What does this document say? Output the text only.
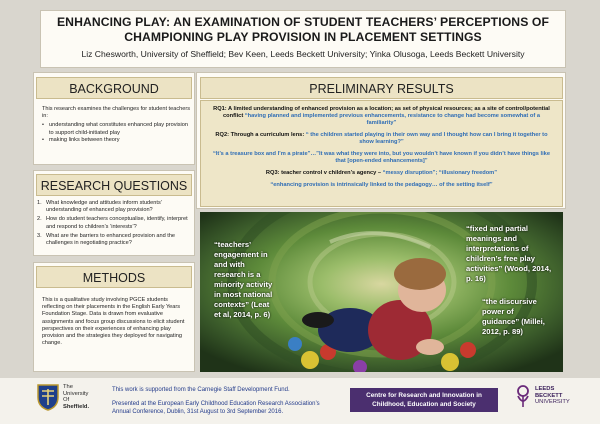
ENHANCING PLAY: AN EXAMINATION OF STUDENT TEACHERS’ PERCEPTIONS OF
CHAMPIONING PLAY PROVISION IN PLACEMENT SETTINGS
Liz Chesworth, University of Sheffield; Bev Keen, Leeds Beckett University; Yinka Olusoga, Leeds Beckett University
BACKGROUND
This research examines the challenges for student teachers in:
• understanding what constitutes enhanced play provision to support child-initiated play
• making links between theory
RESEARCH QUESTIONS
1. What knowledge and attitudes inform students’ understanding of enhanced play provision?
2. How do student teachers conceptualise, identify, interpret and respond to children’s ‘interests’?
3. What are the barriers to enhanced provision and the challenges in negotiating practice?
METHODS
This is a qualitative study involving PGCE students reflecting on their placements in the English Early Years Foundation Stage. Data is drawn from evaluative assignments and focus group discussions to elicit student perspectives on their experiences of enhancing play provision and the strategies they deployed for navigating change.
PRELIMINARY RESULTS
RQ1: A limited understanding of enhanced provision as a location; as set of physical resources; as a site of control/potential conflict “having planned and implemented previous enhancements, resistance to change had become somewhat of a familiarity”
RQ2: Through a curriculum lens: “ the children started playing in their own way and I thought how can I bring it together to show learning?”
“It’s a treasure box and I’m a pirate”…”It was what they were into, but you wouldn’t have known if you didn’t have things like that [open-ended enhancements]”
RQ3: teacher control v children’s agency – “messy disruption”; “illusionary freedom”
“enhancing provision is intrinsically linked to the pedagogy… of the setting itself”
“teachers’ engagement in and with research is a minority activity in most national contexts” (Leat et al, 2014, p. 6)
“fixed and partial meanings and interpretations of children’s free play activities” (Wood, 2014, p. 16)
“the discursive power of guidance” (Millei, 2012, p. 89)
The
University
Of
Sheffield.
This work is supported from the Carnegie Staff Development Fund.
Presented at the European Early Childhood Education Research Association’s Annual Conference, Dublin, 31st August to 3rd September 2016.
Centre for Research and Innovation in Childhood, Education and Society
LEEDS
BECKETT
UNIVERSITY
